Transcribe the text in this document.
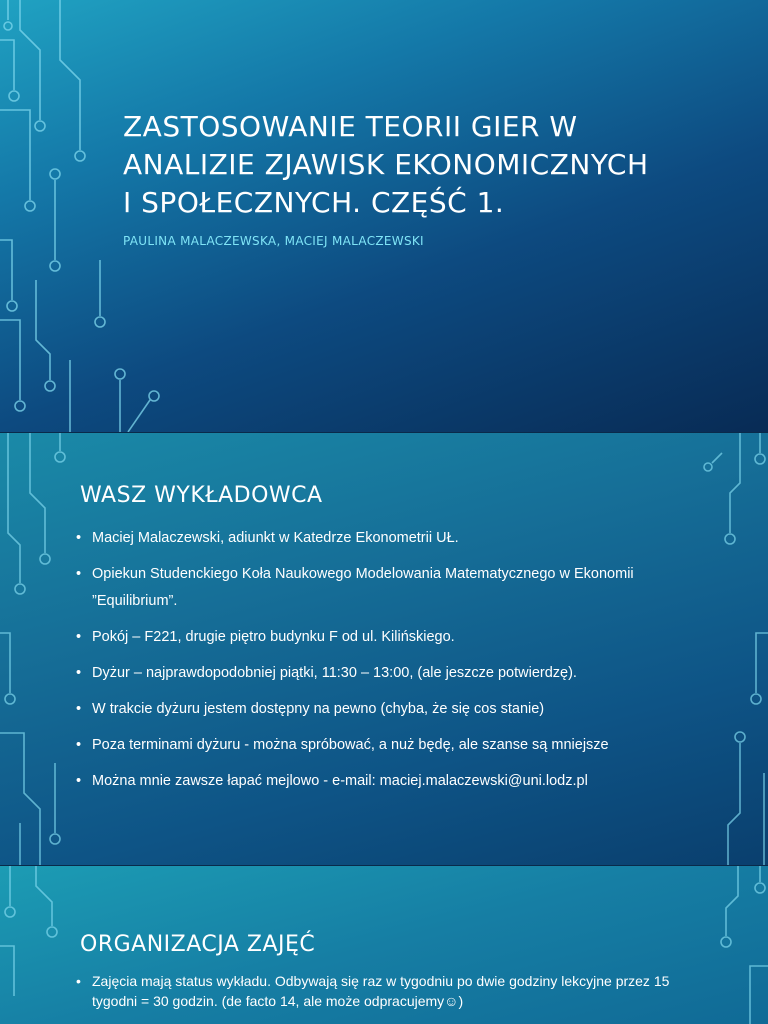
ZASTOSOWANIE TEORII GIER W
ANALIZIE ZJAWISK EKONOMICZNYCH
I SPOŁECZNYCH. CZĘŚĆ 1.
PAULINA MALACZEWSKA, MACIEJ MALACZEWSKI
WASZ WYKŁADOWCA
• Maciej Malaczewski, adiunkt w Katedrze Ekonometrii UŁ.
• Opiekun Studenckiego Koła Naukowego Modelowania Matematycznego w Ekonomii ”Equilibrium”.
• Pokój – F221, drugie piętro budynku F od ul. Kilińskiego.
• Dyżur – najprawdopodobniej piątki, 11:30 – 13:00, (ale jeszcze potwierdzę).
• W trakcie dyżuru jestem dostępny na pewno (chyba, że się cos stanie)
• Poza terminami dyżuru - można spróbować, a nuż będę, ale szanse są mniejsze
• Można mnie zawsze łapać mejlowo - e-mail: maciej.malaczewski@uni.lodz.pl
ORGANIZACJA ZAJĘĆ
• Zajęcia mają status wykładu. Odbywają się raz w tygodniu po dwie godziny lekcyjne przez 15 tygodni = 30 godzin. (de facto 14, ale może odpracujemy☺)
